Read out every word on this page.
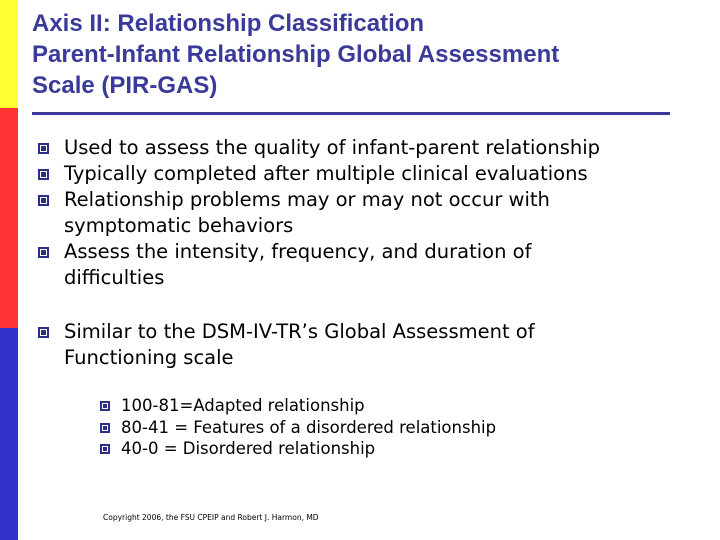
Axis II: Relationship Classification
Parent-Infant Relationship Global Assessment
Scale (PIR-GAS)
Used to assess the quality of infant-parent relationship
Typically completed after multiple clinical evaluations
Relationship problems may or may not occur with symptomatic behaviors
Assess the intensity, frequency, and duration of difficulties
Similar to the DSM-IV-TR’s Global Assessment of Functioning scale
100-81=Adapted relationship
80-41 = Features of a disordered relationship
40-0 = Disordered relationship
Copyright 2006, the FSU CPEIP and Robert J. Harmon, MD
